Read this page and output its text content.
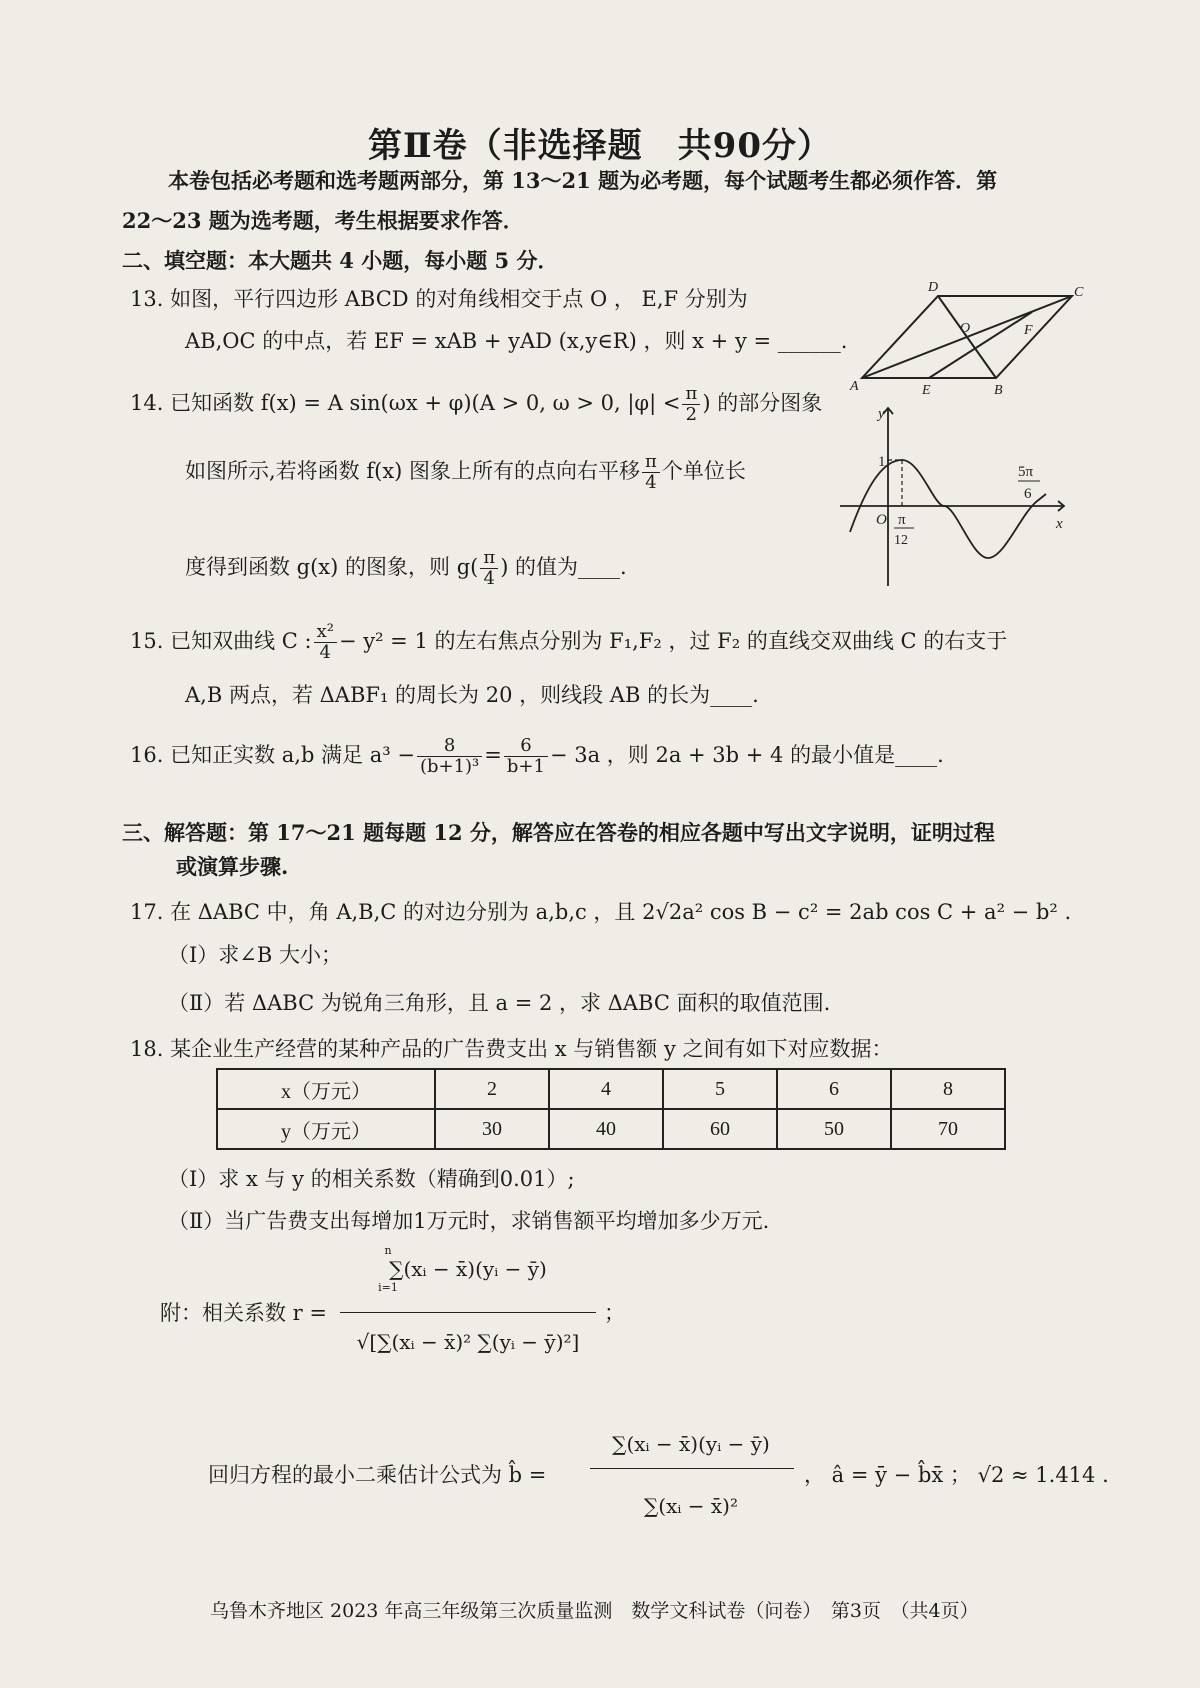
第Ⅱ卷（非选择题　共90分）
本卷包括必考题和选考题两部分，第 13～21 题为必考题，每个试题考生都必须作答．第
22～23 题为选考题，考生根据要求作答．
二、填空题：本大题共 4 小题，每小题 5 分．
13. 如图，平行四边形 ABCD 的对角线相交于点 O ， E,F 分别为
AB,OC 的中点，若 EF = xAB + yAD (x,y∈R) ，则 x + y = ______.
A	B
C
D
O
E
F
14. 已知函数 f(x) = A sin(ωx + φ)(A > 0, ω > 0, $|\varphi| < \frac{\pi}{2}$ ) 的部分图象
如图所示,若将函数 f(x) 图象上所有的点向右平移 $\frac{\pi}{4}$ 个单位长
度得到函数 g(x) 的图象，则 $g( \frac{\pi}{4}$ ) 的值为____.
y
x
1
O π
12
5π
6
15. 已知双曲线 C : $\frac{\text{x²}}{4} - y^2 = 1$ 的左右焦点分别为 F₁,F₂ ，过 F₂ 的直线交双曲线 C 的右支于
A,B 两点，若 ΔABF₁ 的周长为 20 ，则线段 AB 的长为____.
16. 已知正实数 a,b 满足 $a^3 - \frac{8}{\text{(b+1)³}} = \frac{6}{b+1} - 3a$ ，则 2a + 3b + 4 的最小值是____.
三、解答题：第 17～21 题每题 12 分，解答应在答卷的相应各题中写出文字说明，证明过程
或演算步骤.
17. 在 ΔABC 中，角 A,B,C 的对边分别为 a,b,c ，且 2√2a² cos B − c² = 2ab cos C + a² − b² .
（Ⅰ）求∠B 大小；
（Ⅱ）若 ΔABC 为锐角三角形，且 a = 2 ，求 ΔABC 面积的取值范围.
18. 某企业生产经营的某种产品的广告费支出 x 与销售额 y 之间有如下对应数据：
x（万元）	2	4	5	6	8
y（万元）	30	40	60	50	70
（Ⅰ）求 x 与 y 的相关系数（精确到0.01）;
（Ⅱ）当广告费支出每增加1万元时，求销售额平均增加多少万元.
附：相关系数 r =
n
∑(xᵢ − x̄)(yᵢ − ȳ)
i=1
√[∑(xᵢ − x̄)² ∑(yᵢ − ȳ)²]
；
回归方程的最小二乘估计公式为 b̂ =
∑(xᵢ − x̄)(yᵢ − ȳ)
∑(xᵢ − x̄)²
， â = ȳ − b̂x̄ ； √2 ≈ 1.414 .
乌鲁木齐地区 2023 年高三年级第三次质量监测　数学文科试卷（问卷）　第3页　（共4页）
